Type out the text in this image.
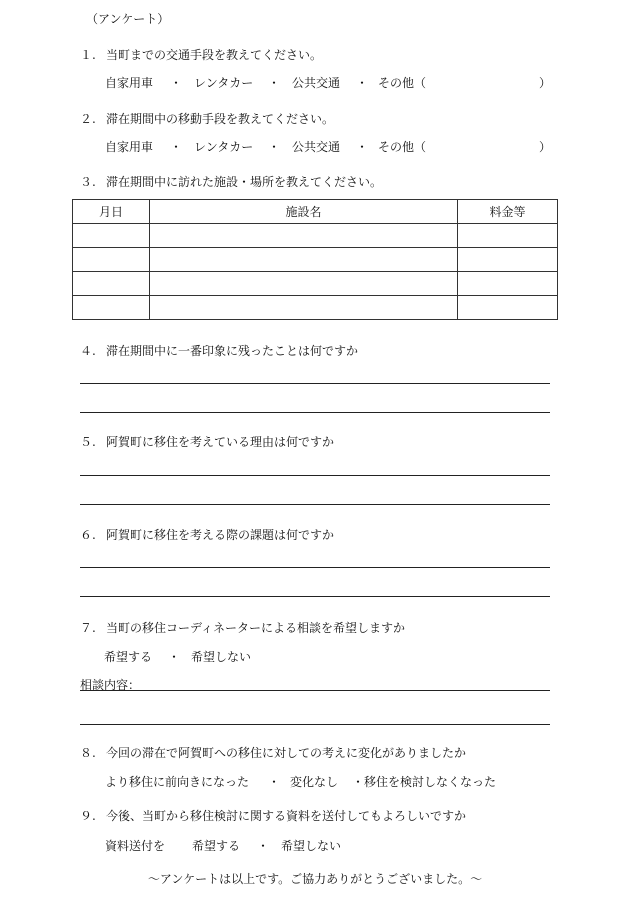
（アンケート）
１. 当町までの交通手段を教えてください。
自家用車 ・ レンタカー ・ 公共交通 ・ その他（	）
２. 滞在期間中の移動手段を教えてください。
自家用車 ・ レンタカー ・ 公共交通 ・ その他（	）
３. 滞在期間中に訪れた施設・場所を教えてください。
月日	施設名	料金等

４. 滞在期間中に一番印象に残ったことは何ですか
５. 阿賀町に移住を考えている理由は何ですか
６. 阿賀町に移住を考える際の課題は何ですか
７. 当町の移住コーディネーターによる相談を希望しますか
希望する ・ 希望しない
相談内容：
８. 今回の滞在で阿賀町への移住に対しての考えに変化がありましたか
より移住に前向きになった ・ 変化なし ・移住を検討しなくなった
９. 今後、当町から移住検討に関する資料を送付してもよろしいですか
資料送付を 希望する ・ 希望しない
～アンケートは以上です。ご協力ありがとうございました。～
